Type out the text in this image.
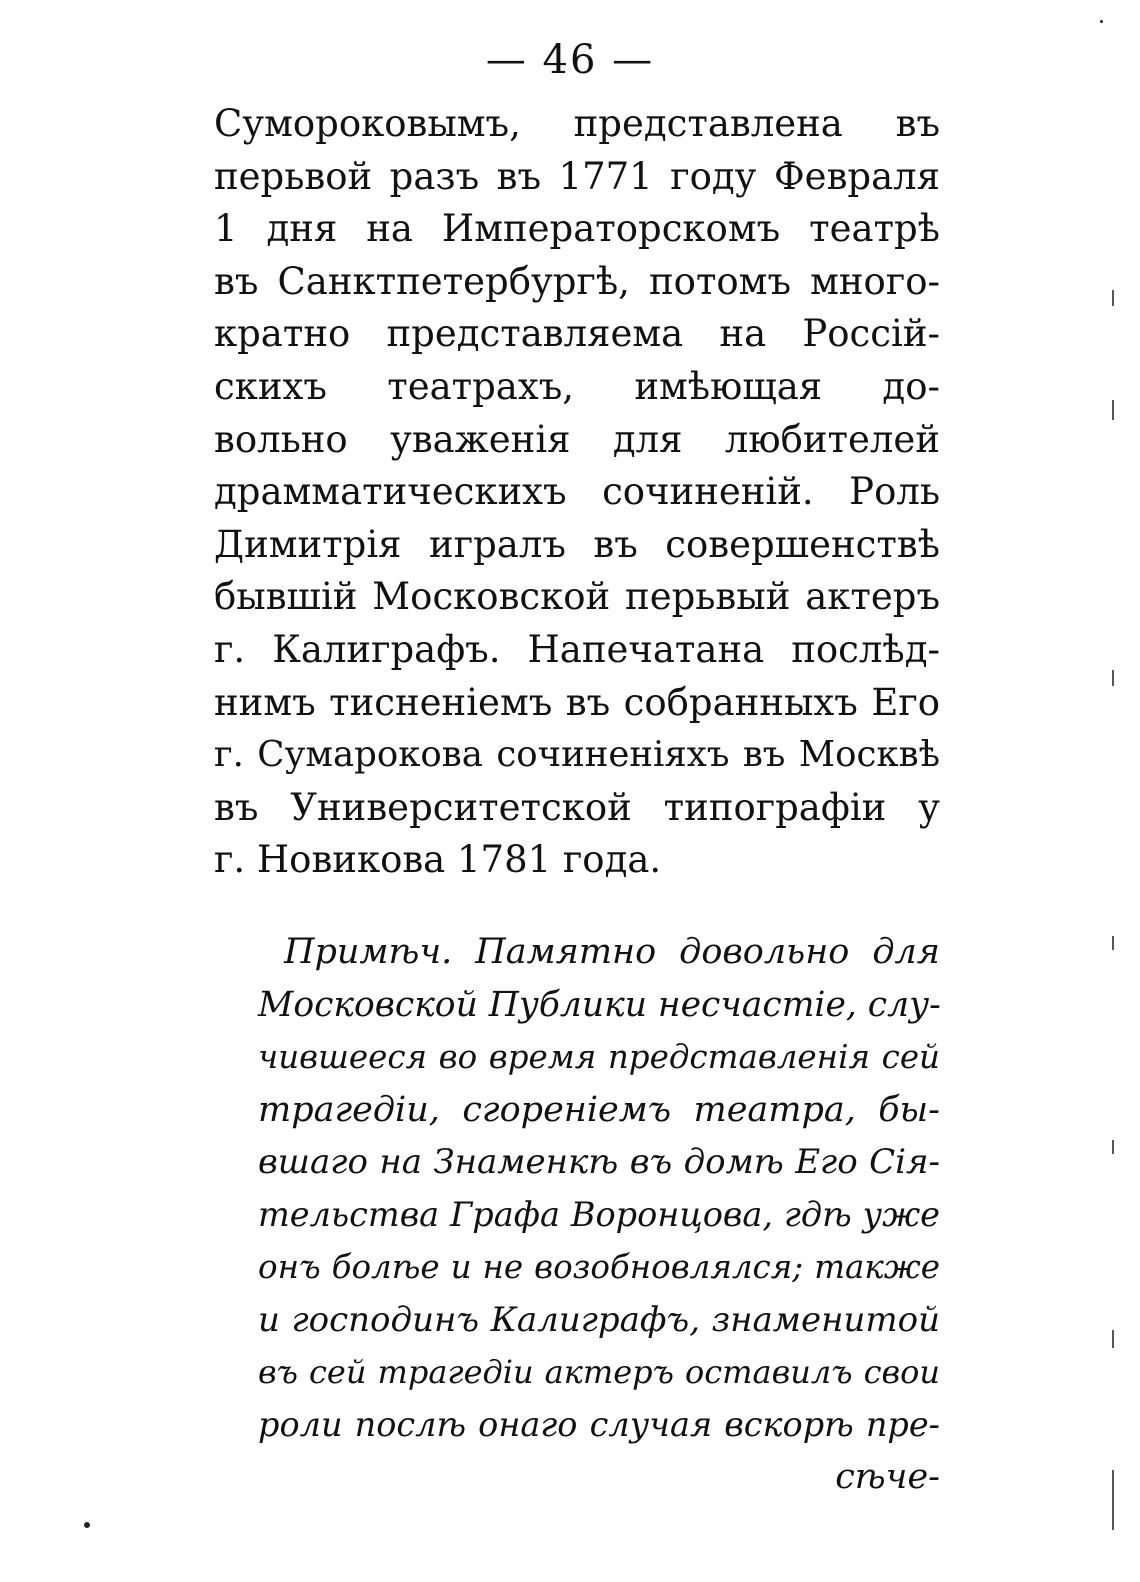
— 46 —
Сумороковымъ, представлена въ
перьвой разъ въ 1771 году Февраля
1 дня на Императорскомъ театрѣ
въ Санктпетербургѣ, потомъ много-
кратно представляема на Россій-
скихъ театрахъ, имѣющая до-
вольно уваженія для любителей
драмматическихъ сочиненій. Роль
Димитрія игралъ въ совершенствѣ
бывшій Московской перьвый актеръ
г. Калиграфъ. Напечатана послѣд-
нимъ тисненіемъ въ собранныхъ Его
г. Сумарокова сочиненіяхъ въ Москвѣ
въ Университетской типографіи у
г. Новикова 1781 года.
Примѣч. Памятно довольно для
Московской Публики несчастіе, слу-
чившееся во время представленія сей
трагедіи, сгореніемъ театра, бы-
вшаго на Знаменкѣ въ домѣ Его Сія-
тельства Графа Воронцова, гдѣ уже
онъ болѣе и не возобновлялся; также
и господинъ Калиграфъ, знаменитой
въ сей трагедіи актеръ оставилъ свои
роли послѣ онаго случая вскорѣ пре-
сѣче-
